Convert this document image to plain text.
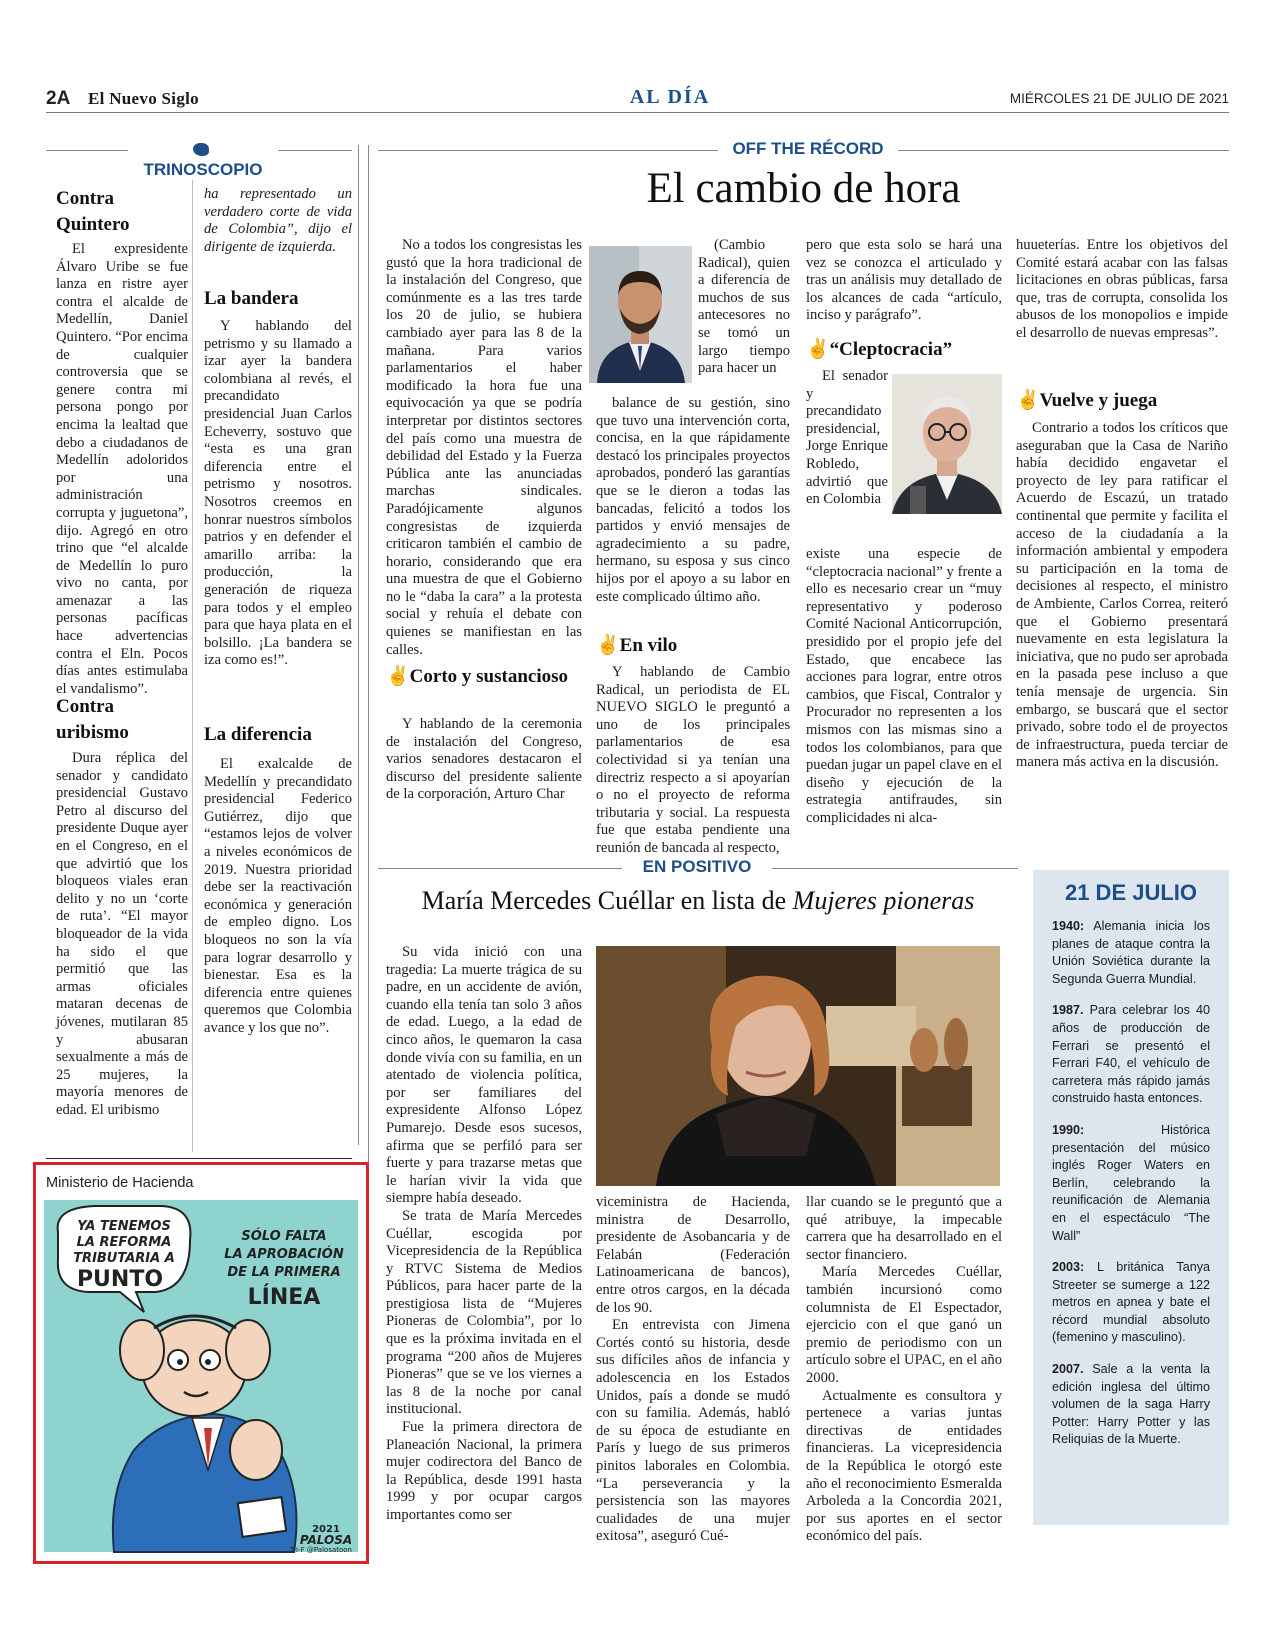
2A El Nuevo Siglo	AL DÍA	MIÉRCOLES 21 DE JULIO DE 2021
TRINOSCOPIO
Contra Quintero

El expresidente Álvaro Uribe se fue lanza en ristre ayer contra el alcalde de Medellín, Daniel Quintero. “Por encima de cualquier controversia que se genere contra mi persona pongo por encima la lealtad que debo a ciudadanos de Medellín adoloridos por una administración corrupta y juguetona”, dijo. Agregó en otro trino que “el alcalde de Medellín lo puro vivo no canta, por amenazar a las personas pacíficas hace advertencias contra el Eln. Pocos días antes estimulaba el vandalismo”.

Contra uribismo

Dura réplica del senador y candidato presidencial Gustavo Petro al discurso del presidente Duque ayer en el Congreso, en el que advirtió que los bloqueos viales eran delito y no un ‘corte de ruta’. “El mayor bloqueador de la vida ha sido el que permitió que las armas oficiales mataran decenas de jóvenes, mutilaran 85 y abusaran sexualmente a más de 25 mujeres, la mayoría menores de edad. El uribismo

ha representado un verdadero corte de vida de Colombia”, dijo el dirigente de izquierda.
La bandera

Y hablando del petrismo y su llamado a izar ayer la bandera colombiana al revés, el precandidato presidencial Juan Carlos Echeverry, sostuvo que “esta es una gran diferencia entre el petrismo y nosotros. Nosotros creemos en honrar nuestros símbolos patrios y en defender el amarillo arriba: la producción, la generación de riqueza para todos y el empleo para que haya plata en el bolsillo. ¡La bandera se iza como es!”.

La diferencia

El exalcalde de Medellín y precandidato presidencial Federico Gutiérrez, dijo que “estamos lejos de volver a niveles económicos de 2019. Nuestra prioridad debe ser la reactivación económica y generación de empleo digno. Los bloqueos no son la vía para lograr desarrollo y bienestar. Esa es la diferencia entre quienes queremos que Colombia avance y los que no”.

OFF THE RÉCORD
El cambio de hora

No a todos los congresistas les gustó que la hora tradicional de la instalación del Congreso, que comúnmente es a las tres tarde los 20 de julio, se hubiera cambiado ayer para las 8 de la mañana. Para varios parlamentarios el haber modificado la hora fue una equivocación ya que se podría interpretar por distintos sectores del país como una muestra de debilidad del Estado y la Fuerza Pública ante las anunciadas marchas sindicales. Paradójicamente algunos congresistas de izquierda criticaron también el cambio de horario, considerando que era una muestra de que el Gobierno no le “daba la cara” a la protesta social y rehuía el debate con quienes se manifiestan en las calles.

✌Corto y sustancioso

Y hablando de la ceremonia de instalación del Congreso, varios senadores destacaron el discurso del presidente saliente de la corporación, Arturo Char

(Cambio Radical), quien a diferencia de muchos de sus antecesores no se tomó un largo tiempo para hacer un

balance de su gestión, sino que tuvo una intervención corta, concisa, en la que rápidamente destacó los principales proyectos aprobados, ponderó las garantías que se le dieron a todas las bancadas, felicitó a todos los partidos y envió mensajes de agradecimiento a su padre, hermano, su esposa y sus cinco hijos por el apoyo a su labor en este complicado último año.

✌En vilo

Y hablando de Cambio Radical, un periodista de EL NUEVO SIGLO le preguntó a uno de los principales parlamentarios de esa colectividad si ya tenían una directriz respecto a si apoyarían o no el proyecto de reforma tributaria y social. La respuesta fue que estaba pendiente una reunión de bancada al respecto,

pero que esta solo se hará una vez se conozca el articulado y tras un análisis muy detallado de los alcances de cada “artículo, inciso y parágrafo”.
✌“Cleptocracia”

El senador y precandidato presidencial, Jorge Enrique Robledo, advirtió que en Colombia

existe una especie de “cleptocracia nacional” y frente a ello es necesario crear un “muy representativo y poderoso Comité Nacional Anticorrupción, presidido por el propio jefe del Estado, que encabece las acciones para lograr, entre otros cambios, que Fiscal, Contralor y Procurador no representen a los mismos con las mismas sino a todos los colombianos, para que puedan jugar un papel clave en el diseño y ejecución de la estrategia antifraudes, sin complicidades ni alca-
huueterías. Entre los objetivos del Comité estará acabar con las falsas licitaciones en obras públicas, farsa que, tras de corrupta, consolida los abusos de los monopolios e impide el desarrollo de nuevas empresas”.
✌Vuelve y juega

Contrario a todos los críticos que aseguraban que la Casa de Nariño había decidido engavetar el proyecto de ley para ratificar el Acuerdo de Escazú, un tratado continental que permite y facilita el acceso de la ciudadanía a la información ambiental y empodera su participación en la toma de decisiones al respecto, el ministro de Ambiente, Carlos Correa, reiteró que el Gobierno presentará nuevamente en esta legislatura la iniciativa, que no pudo ser aprobada en la pasada pese incluso a que tenía mensaje de urgencia. Sin embargo, se buscará que el sector privado, sobre todo el de proyectos de infraestructura, pueda terciar de manera más activa en la discusión.

EN POSITIVO
María Mercedes Cuéllar en lista de Mujeres pioneras

Su vida inició con una tragedia: La muerte trágica de su padre, en un accidente de avión, cuando ella tenía tan solo 3 años de edad. Luego, a la edad de cinco años, le quemaron la casa donde vivía con su familia, en un atentado de violencia política, por ser familiares del expresidente Alfonso López Pumarejo. Desde esos sucesos, afirma que se perfiló para ser fuerte y para trazarse metas que le harían vivir la vida que siempre había deseado.

Se trata de María Mercedes Cuéllar, escogida por Vicepresidencia de la República y RTVC Sistema de Medios Públicos, para hacer parte de la prestigiosa lista de “Mujeres Pioneras de Colombia”, por lo que es la próxima invitada en el programa “200 años de Mujeres Pioneras” que se ve los viernes a las 8 de la noche por canal institucional.

Fue la primera directora de Planeación Nacional, la primera mujer codirectora del Banco de la República, desde 1991 hasta 1999 y por ocupar cargos importantes como ser

viceministra de Hacienda, ministra de Desarrollo, presidente de Asobancaria y de Felabán (Federación Latinoamericana de bancos), entre otros cargos, en la década de los 90.

En entrevista con Jimena Cortés contó su historia, desde sus difíciles años de infancia y adolescencia en los Estados Unidos, país a donde se mudó con su familia. Además, habló de su época de estudiante en París y luego de sus primeros pinitos laborales en Colombia. “La perseverancia y la persistencia son las mayores cualidades de una mujer exitosa”, aseguró Cué-

llar cuando se le preguntó que a qué atribuye, la impecable carrera que ha desarrollado en el sector financiero.

María Mercedes Cuéllar, también incursionó como columnista de El Espectador, ejercicio con el que ganó un premio de periodismo con un artículo sobre el UPAC, en el año 2000.

Actualmente es consultora y pertenece a varias juntas directivas de entidades financieras. La vicepresidencia de la República le otorgó este año el reconocimiento Esmeralda Arboleda a la Concordia 2021, por sus aportes en el sector económico del país.

21 DE JULIO

1940: Alemania inicia los planes de ataque contra la Unión Soviética durante la Segunda Guerra Mundial.

1987. Para celebrar los 40 años de producción de Ferrari se presentó el Ferrari F40, el vehículo de carretera más rápido jamás construido hasta entonces.

1990: Histórica presentación del músico inglés Roger Waters en Berlín, celebrando la reunificación de Alemania en el espectáculo “The Wall”

2003: L británica Tanya Streeter se sumerge a 122 metros en apnea y bate el récord mundial absoluto (femenino y masculino).

2007. Sale a la venta la edición inglesa del último volumen de la saga Harry Potter: Harry Potter y las Reliquias de la Muerte.

Ministerio de Hacienda
YA TENEMOS
LA REFORMA
TRIBUTARIA A
PUNTO
SÓLO FALTA
LA APROBACIÓN
DE LA PRIMERA
LÍNEA
2021
PALOSA
T-I-F @Palosatoon
